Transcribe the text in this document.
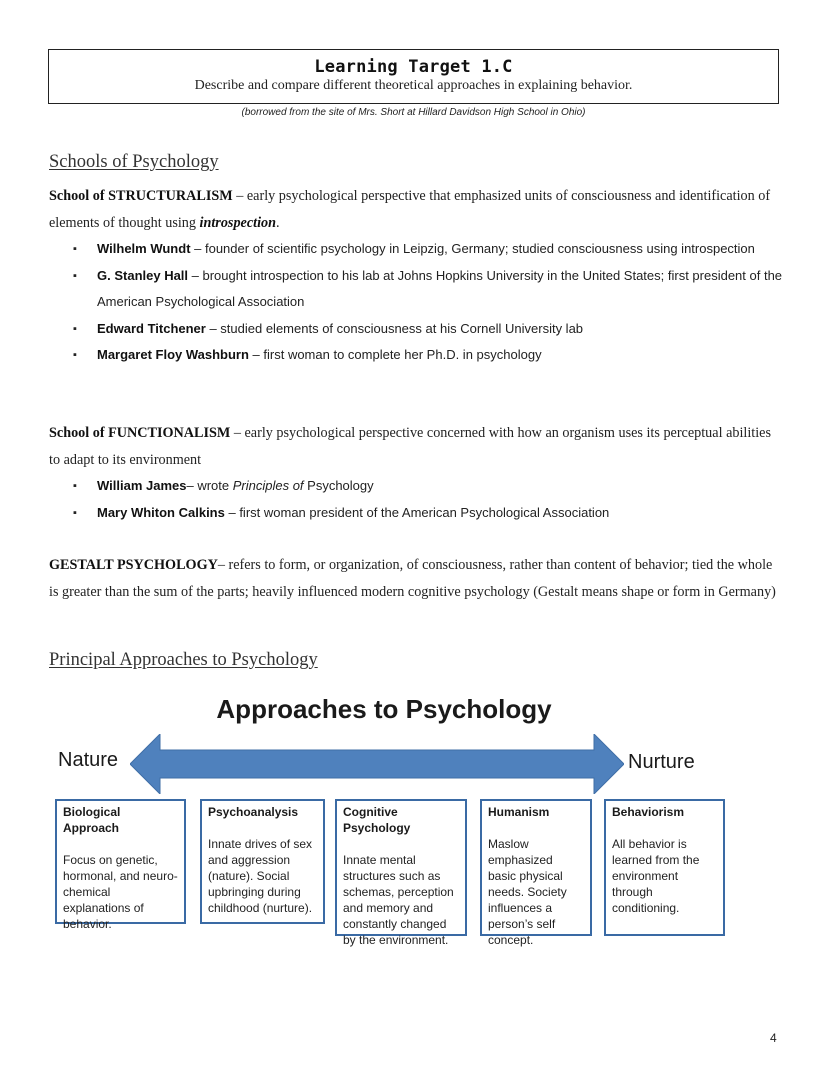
Learning Target 1.C
Describe and compare different theoretical approaches in explaining behavior.
(borrowed from the site of Mrs. Short at Hillard Davidson High School in Ohio)
Schools of Psychology
School of STRUCTURALISM – early psychological perspective that emphasized units of consciousness and identification of elements of thought using introspection.
▪ Wilhelm Wundt – founder of scientific psychology in Leipzig, Germany; studied consciousness using introspection
▪ G. Stanley Hall – brought introspection to his lab at Johns Hopkins University in the United States; first president of the American Psychological Association
▪ Edward Titchener – studied elements of consciousness at his Cornell University lab
▪ Margaret Floy Washburn – first woman to complete her Ph.D. in psychology
School of FUNCTIONALISM – early psychological perspective concerned with how an organism uses its perceptual abilities to adapt to its environment
▪ William James– wrote Principles of Psychology
▪ Mary Whiton Calkins – first woman president of the American Psychological Association
GESTALT PSYCHOLOGY– refers to form, or organization, of consciousness, rather than content of behavior; tied the whole is greater than the sum of the parts; heavily influenced modern cognitive psychology (Gestalt means shape or form in Germany)
Principal Approaches to Psychology
Approaches to Psychology
Nature	Nurture
Biological Approach
Focus on genetic, hormonal, and neuro-chemical explanations of behavior.
Psychoanalysis
Innate drives of sex and aggression (nature). Social upbringing during childhood (nurture).
Cognitive Psychology
Innate mental structures such as schemas, perception and memory and constantly changed by the environment.
Humanism
Maslow emphasized basic physical needs. Society influences a person’s self concept.
Behaviorism
All behavior is learned from the environment through conditioning.
4
